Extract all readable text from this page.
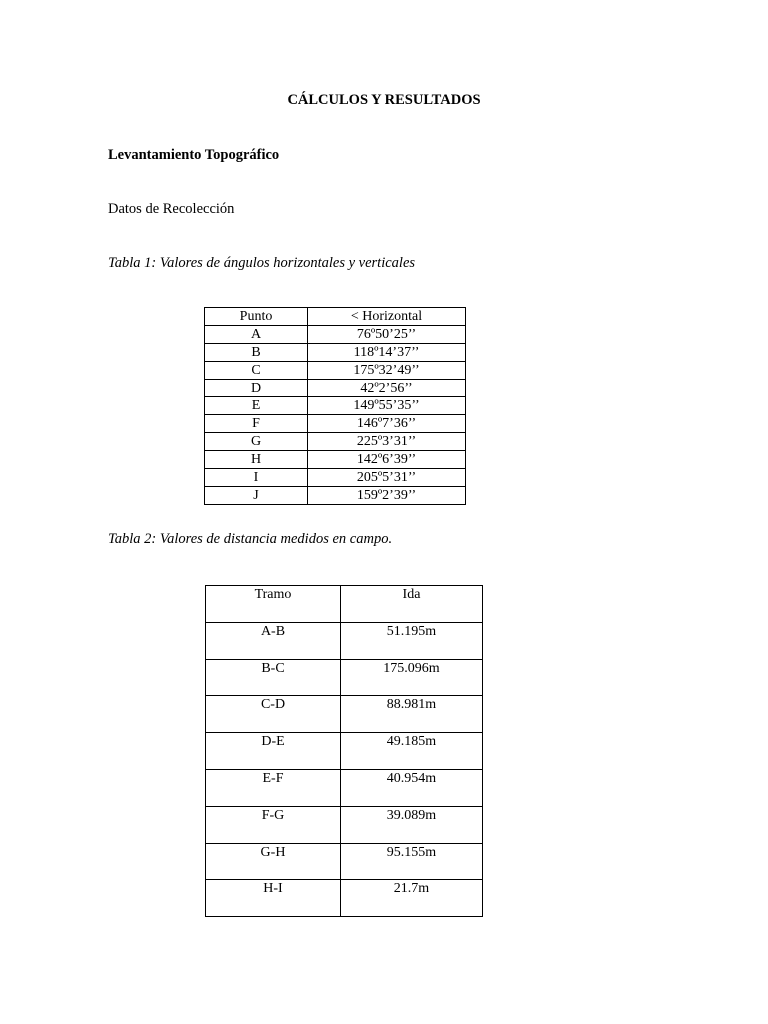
CÁLCULOS Y RESULTADOS
Levantamiento Topográfico
Datos de Recolección
Tabla 1: Valores de ángulos horizontales y verticales
Punto	< Horizontal
A	76º50’25’’
B	118º14’37’’
C	175º32’49’’
D	42º2’56’’
E	149º55’35’’
F	146º7’36’’
G	225º3’31’’
H	142º6’39’’
I	205º5’31’’
J	159º2’39’’
Tabla 2: Valores de distancia medidos en campo.
Tramo	Ida
A-B	51.195m
B-C	175.096m
C-D	88.981m
D-E	49.185m
E-F	40.954m
F-G	39.089m
G-H	95.155m
H-I	21.7m
